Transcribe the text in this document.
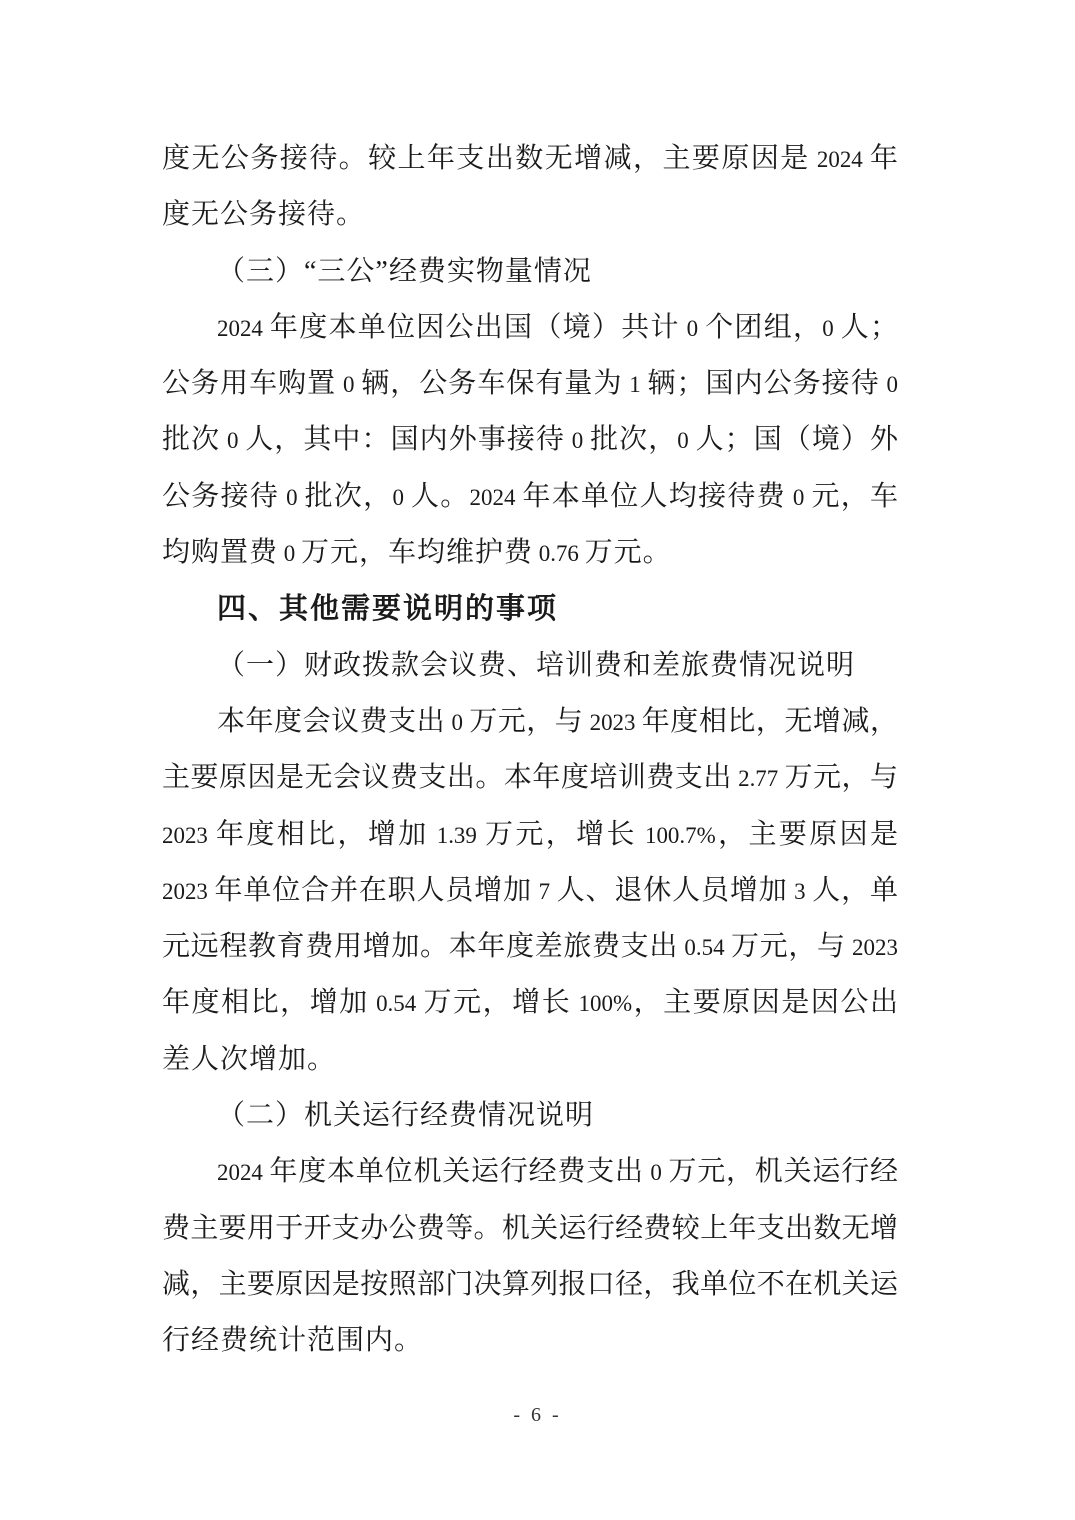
度无公务接待。较上年支出数无增减，主要原因是 2024 年
度无公务接待。
（三）“三公”经费实物量情况
2024 年度本单位因公出国（境）共计 0 个团组，0 人；
公务用车购置 0 辆，公务车保有量为 1 辆；国内公务接待 0
批次 0 人，其中：国内外事接待 0 批次，0 人；国（境）外
公务接待 0 批次，0 人。2024 年本单位人均接待费 0 元，车
均购置费 0 万元，车均维护费 0.76 万元。
四、其他需要说明的事项
（一）财政拨款会议费、培训费和差旅费情况说明
本年度会议费支出 0 万元，与 2023 年度相比，无增减，
主要原因是无会议费支出。本年度培训费支出 2.77 万元，与
2023 年度相比，增加 1.39 万元，增长 100.7%，主要原因是
2023 年单位合并在职人员增加 7 人、退休人员增加 3 人，单
元远程教育费用增加。本年度差旅费支出 0.54 万元，与 2023
年度相比，增加 0.54 万元，增长 100%，主要原因是因公出
差人次增加。
（二）机关运行经费情况说明
2024 年度本单位机关运行经费支出 0 万元，机关运行经
费主要用于开支办公费等。机关运行经费较上年支出数无增
减，主要原因是按照部门决算列报口径，我单位不在机关运
行经费统计范围内。
- 6 -
